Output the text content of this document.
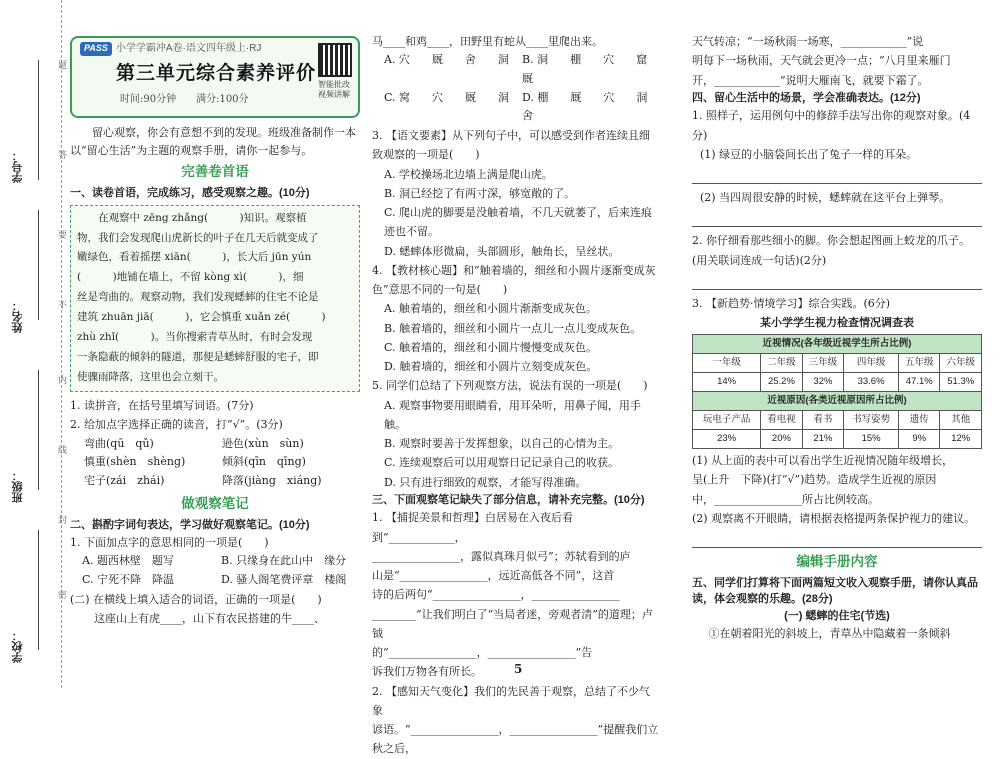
学号：
姓名：
班级：
学校：
题
答
要
不
内
线
封
密
PASS 小学学霸冲A卷·语文四年级上·RJ
第三单元综合素养评价
时间:90分钟　　 满分:100分
智能批改 视频讲解
留心观察，你会有意想不到的发现。班级准备制作一本以“留心生活”为主题的观察手册，请你一起参与。
完善卷首语
一、读卷首语，完成练习，感受观察之趣。(10分)
在观察中 zēng zhǎng(　　　)知识。观察植
物，我们会发现爬山虎新长的叶子在几天后就变成了
嫩绿色，看着摇摆 xiān(　　　)，长大后 jūn yún
(　　　)地铺在墙上，不留 kòng xì(　　　)，细
丝是弯曲的。观察动物，我们发现蟋蟀的住宅不论是
建筑 zhuān jiā(　　　)，它会慎重 xuǎn zé(　　　)
zhù zhǐ(　　　)。当你搜索青草丛时，有时会发现
一条隐蔽的倾斜的隧道，那便是蟋蟀舒服的宅子，即
使骤雨降落，这里也会立刻干。
1. 读拼音，在括号里填写词语。(7分)
2. 给加点字选择正确的读音，打“√”。(3分)
弯曲(qū　qǔ)	逊色(xùn　sùn)
慎重(shèn　shèng)	倾斜(qīn　qīng)
宅子(zái　zhái)	降落(jiàng　xiáng)
做观察笔记
二、斟酌字词句表达，学习做好观察笔记。(10分)
1. 下面加点字的意思相同的一项是(　　)
A. 题西林壁　题写	B. 只缘身在此山中　缘分
C. 宁死不降　降温	D. 骚人阁笔费评章　楼阁
(二) 在横线上填入适合的词语，正确的一项是(　　)
这座山上有虎____，山下有农民搭建的牛____、
马____和鸡____，田野里有蛇从____里爬出来。
A. 穴　　厩　　舍　　洞	B. 洞　　棚　　穴　　窟　　厩
C. 窝　　穴　　厩　　洞	D. 棚　　厩　　穴　　洞　　舍
3. 【语文要素】从下列句子中，可以感受到作者连续且细致观察的一项是(　　)
A. 学校操场北边墙上满是爬山虎。
B. 洞已经挖了有两寸深，够宽敞的了。
C. 爬山虎的脚要是没触着墙，不几天就萎了，后来连痕迹也不留。
D. 蟋蟀体形微扁，头部圆形，触角长，呈丝状。
4. 【教材核心题】和“触着墙的，细丝和小圆片逐渐变成灰色”意思不同的一句是(　　)
A. 触着墙的，细丝和小圆片渐渐变成灰色。
B. 触着墙的，细丝和小圆片一点儿一点儿变成灰色。
C. 触着墙的，细丝和小圆片慢慢变成灰色。
D. 触着墙的，细丝和小圆片立刻变成灰色。
5. 同学们总结了下列观察方法，说法有误的一项是(　　)
A. 观察事物要用眼睛看，用耳朵听，用鼻子闻，用手触。
B. 观察时要善于发挥想象，以自己的心情为主。
C. 连续观察后可以用观察日记记录自己的收获。
D. 只有进行细致的观察，才能写得准确。
三、下面观察笔记缺失了部分信息，请补充完整。(10分)
1. 【捕捉美景和哲理】白居易在入夜后看到“____________，
________________，露似真珠月似弓”；苏轼看到的庐
山是“________________，远近高低各不同”，这首
诗的后两句“________________，________________
________”让我们明白了“当局者迷，旁观者清”的道理；卢钺
的“________________，________________”告
诉我们万物各有所长。
2. 【感知天气变化】我们的先民善于观察，总结了不少气象
谚语。“________________，________________”提醒我们立秋之后，
天气转凉；“一场秋雨一场寒，____________”说
明每下一场秋雨，天气就会更冷一点；“八月里来雁门
开，____________”说明大雁南飞，就要下霜了。
四、留心生活中的场景，学会准确表达。(12分)
1. 照样子，运用例句中的修辞手法写出你的观察对象。(4分)
(1) 绿豆的小脑袋间长出了兔子一样的耳朵。
(2) 当四周很安静的时候，蟋蟀就在这平台上弹琴。
2. 你仔细看那些细小的脚。你会想起图画上蛟龙的爪子。(用关联词连成一句话)(2分)
3. 【新趋势·情境学习】综合实践。(6分)
某小学学生视力检查情况调查表
近视情况(各年级近视学生所占比例)					
一年级	二年级	三年级	四年级	五年级	六年级
14%	25.2%	32%	33.6%	47.1%	51.3%
近视原因(各类近视原因所占比例)					
玩电子产品	看电视	看书	书写姿势	遗传	其他
23%	20%	21%	15%	9%	12%
(1) 从上面的表中可以看出学生近视情况随年级增长，
呈(上升　下降)(打“√”)趋势。造成学生近视的原因
中，________________所占比例较高。
(2) 观察离不开眼睛，请根据表格提两条保护视力的建议。
编辑手册内容
五、同学们打算将下面两篇短文收入观察手册，请你认真品读，体会观察的乐趣。(28分)
(一) 蟋蟀的住宅(节选)
①在朝着阳光的斜坡上，青草丛中隐藏着一条倾斜
5
